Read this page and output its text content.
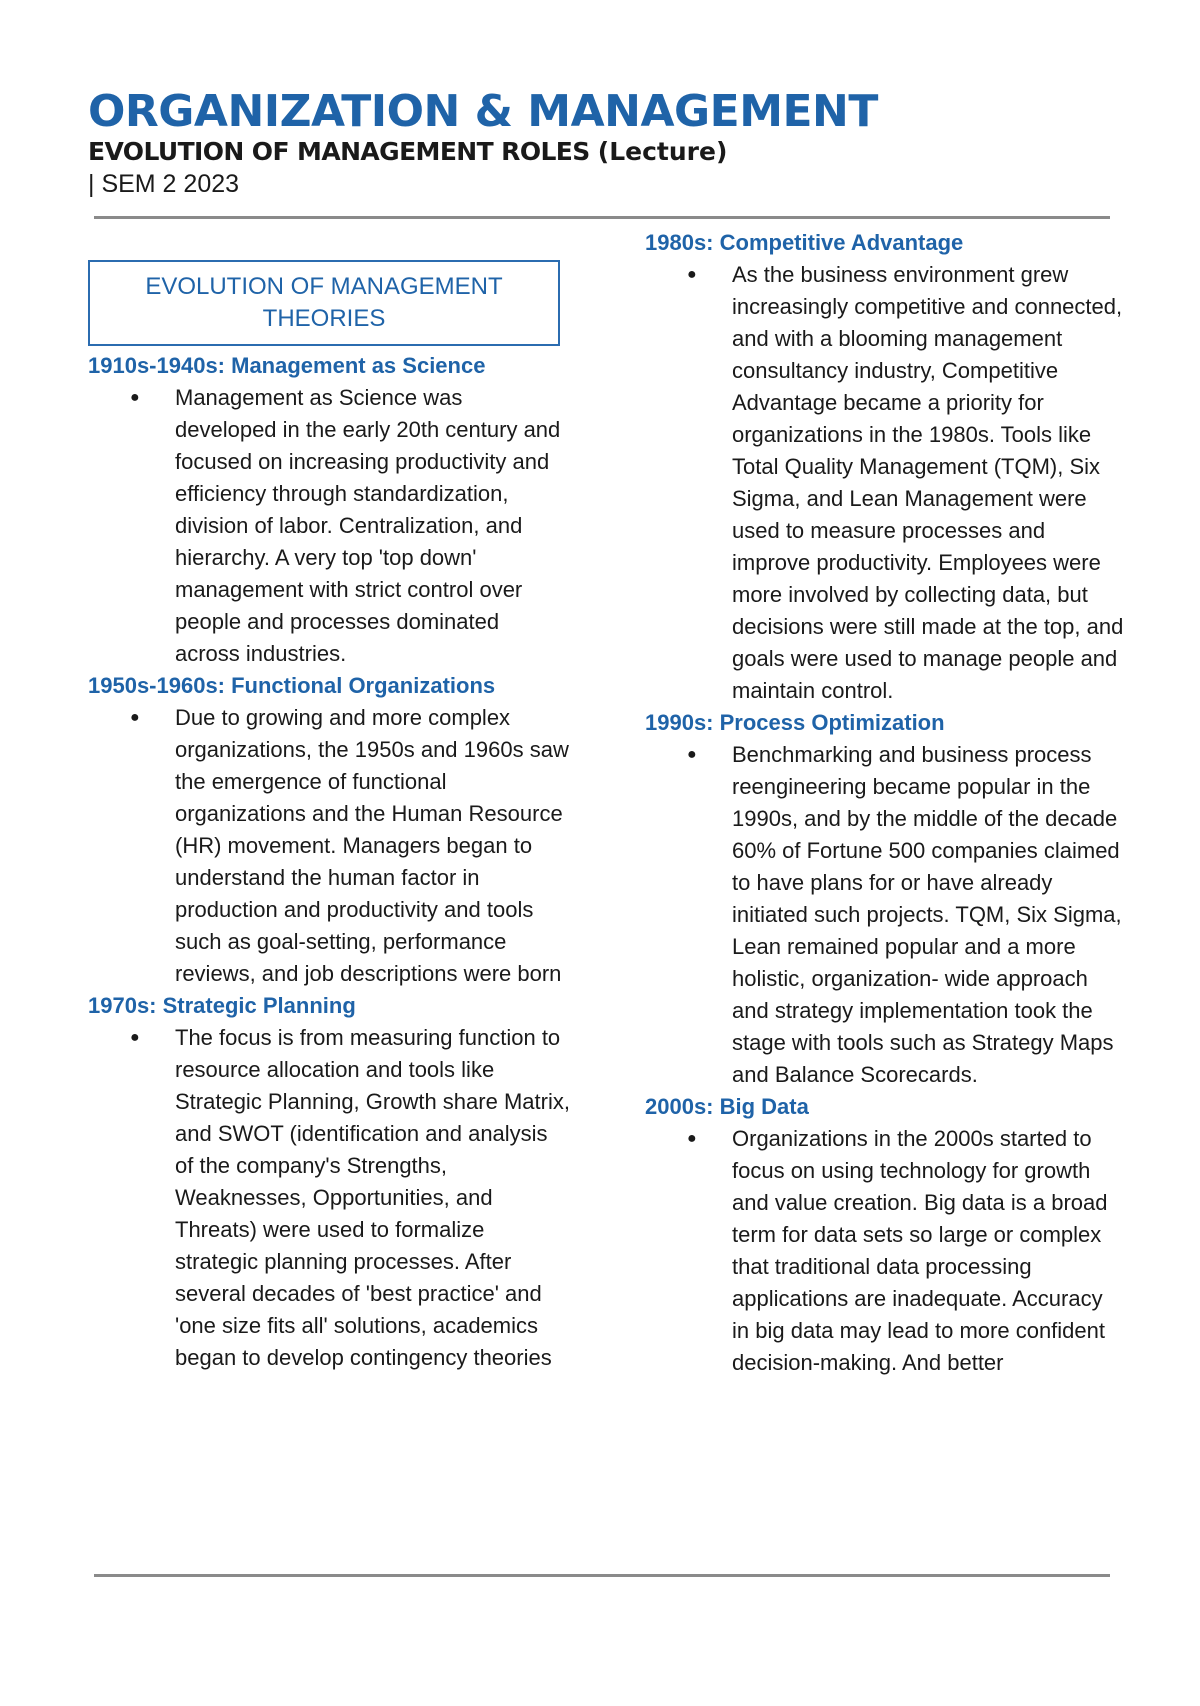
ORGANIZATION & MANAGEMENT
EVOLUTION OF MANAGEMENT ROLES (Lecture)
| SEM 2 2023
EVOLUTION OF MANAGEMENT
THEORIES
1910s-1940s: Management as Science
● Management as Science was developed in the early 20th century and focused on increasing productivity and efficiency through standardization, division of labor. Centralization, and hierarchy. A very top 'top down' management with strict control over people and processes dominated across industries.
1950s-1960s: Functional Organizations
● Due to growing and more complex organizations, the 1950s and 1960s saw the emergence of functional organizations and the Human Resource (HR) movement. Managers began to understand the human factor in production and productivity and tools such as goal-setting, performance reviews, and job descriptions were born
1970s: Strategic Planning
● The focus is from measuring function to resource allocation and tools like Strategic Planning, Growth share Matrix, and SWOT (identification and analysis of the company's Strengths, Weaknesses, Opportunities, and Threats) were used to formalize strategic planning processes. After several decades of 'best practice' and 'one size fits all' solutions, academics began to develop contingency theories
1980s: Competitive Advantage
● As the business environment grew increasingly competitive and connected, and with a blooming management consultancy industry, Competitive Advantage became a priority for organizations in the 1980s. Tools like Total Quality Management (TQM), Six Sigma, and Lean Management were used to measure processes and improve productivity. Employees were more involved by collecting data, but decisions were still made at the top, and goals were used to manage people and maintain control.
1990s: Process Optimization
● Benchmarking and business process reengineering became popular in the 1990s, and by the middle of the decade 60% of Fortune 500 companies claimed to have plans for or have already initiated such projects. TQM, Six Sigma, Lean remained popular and a more holistic, organization- wide approach and strategy implementation took the stage with tools such as Strategy Maps and Balance Scorecards.
2000s: Big Data
● Organizations in the 2000s started to focus on using technology for growth and value creation. Big data is a broad term for data sets so large or complex that traditional data processing applications are inadequate. Accuracy in big data may lead to more confident decision-making. And better
